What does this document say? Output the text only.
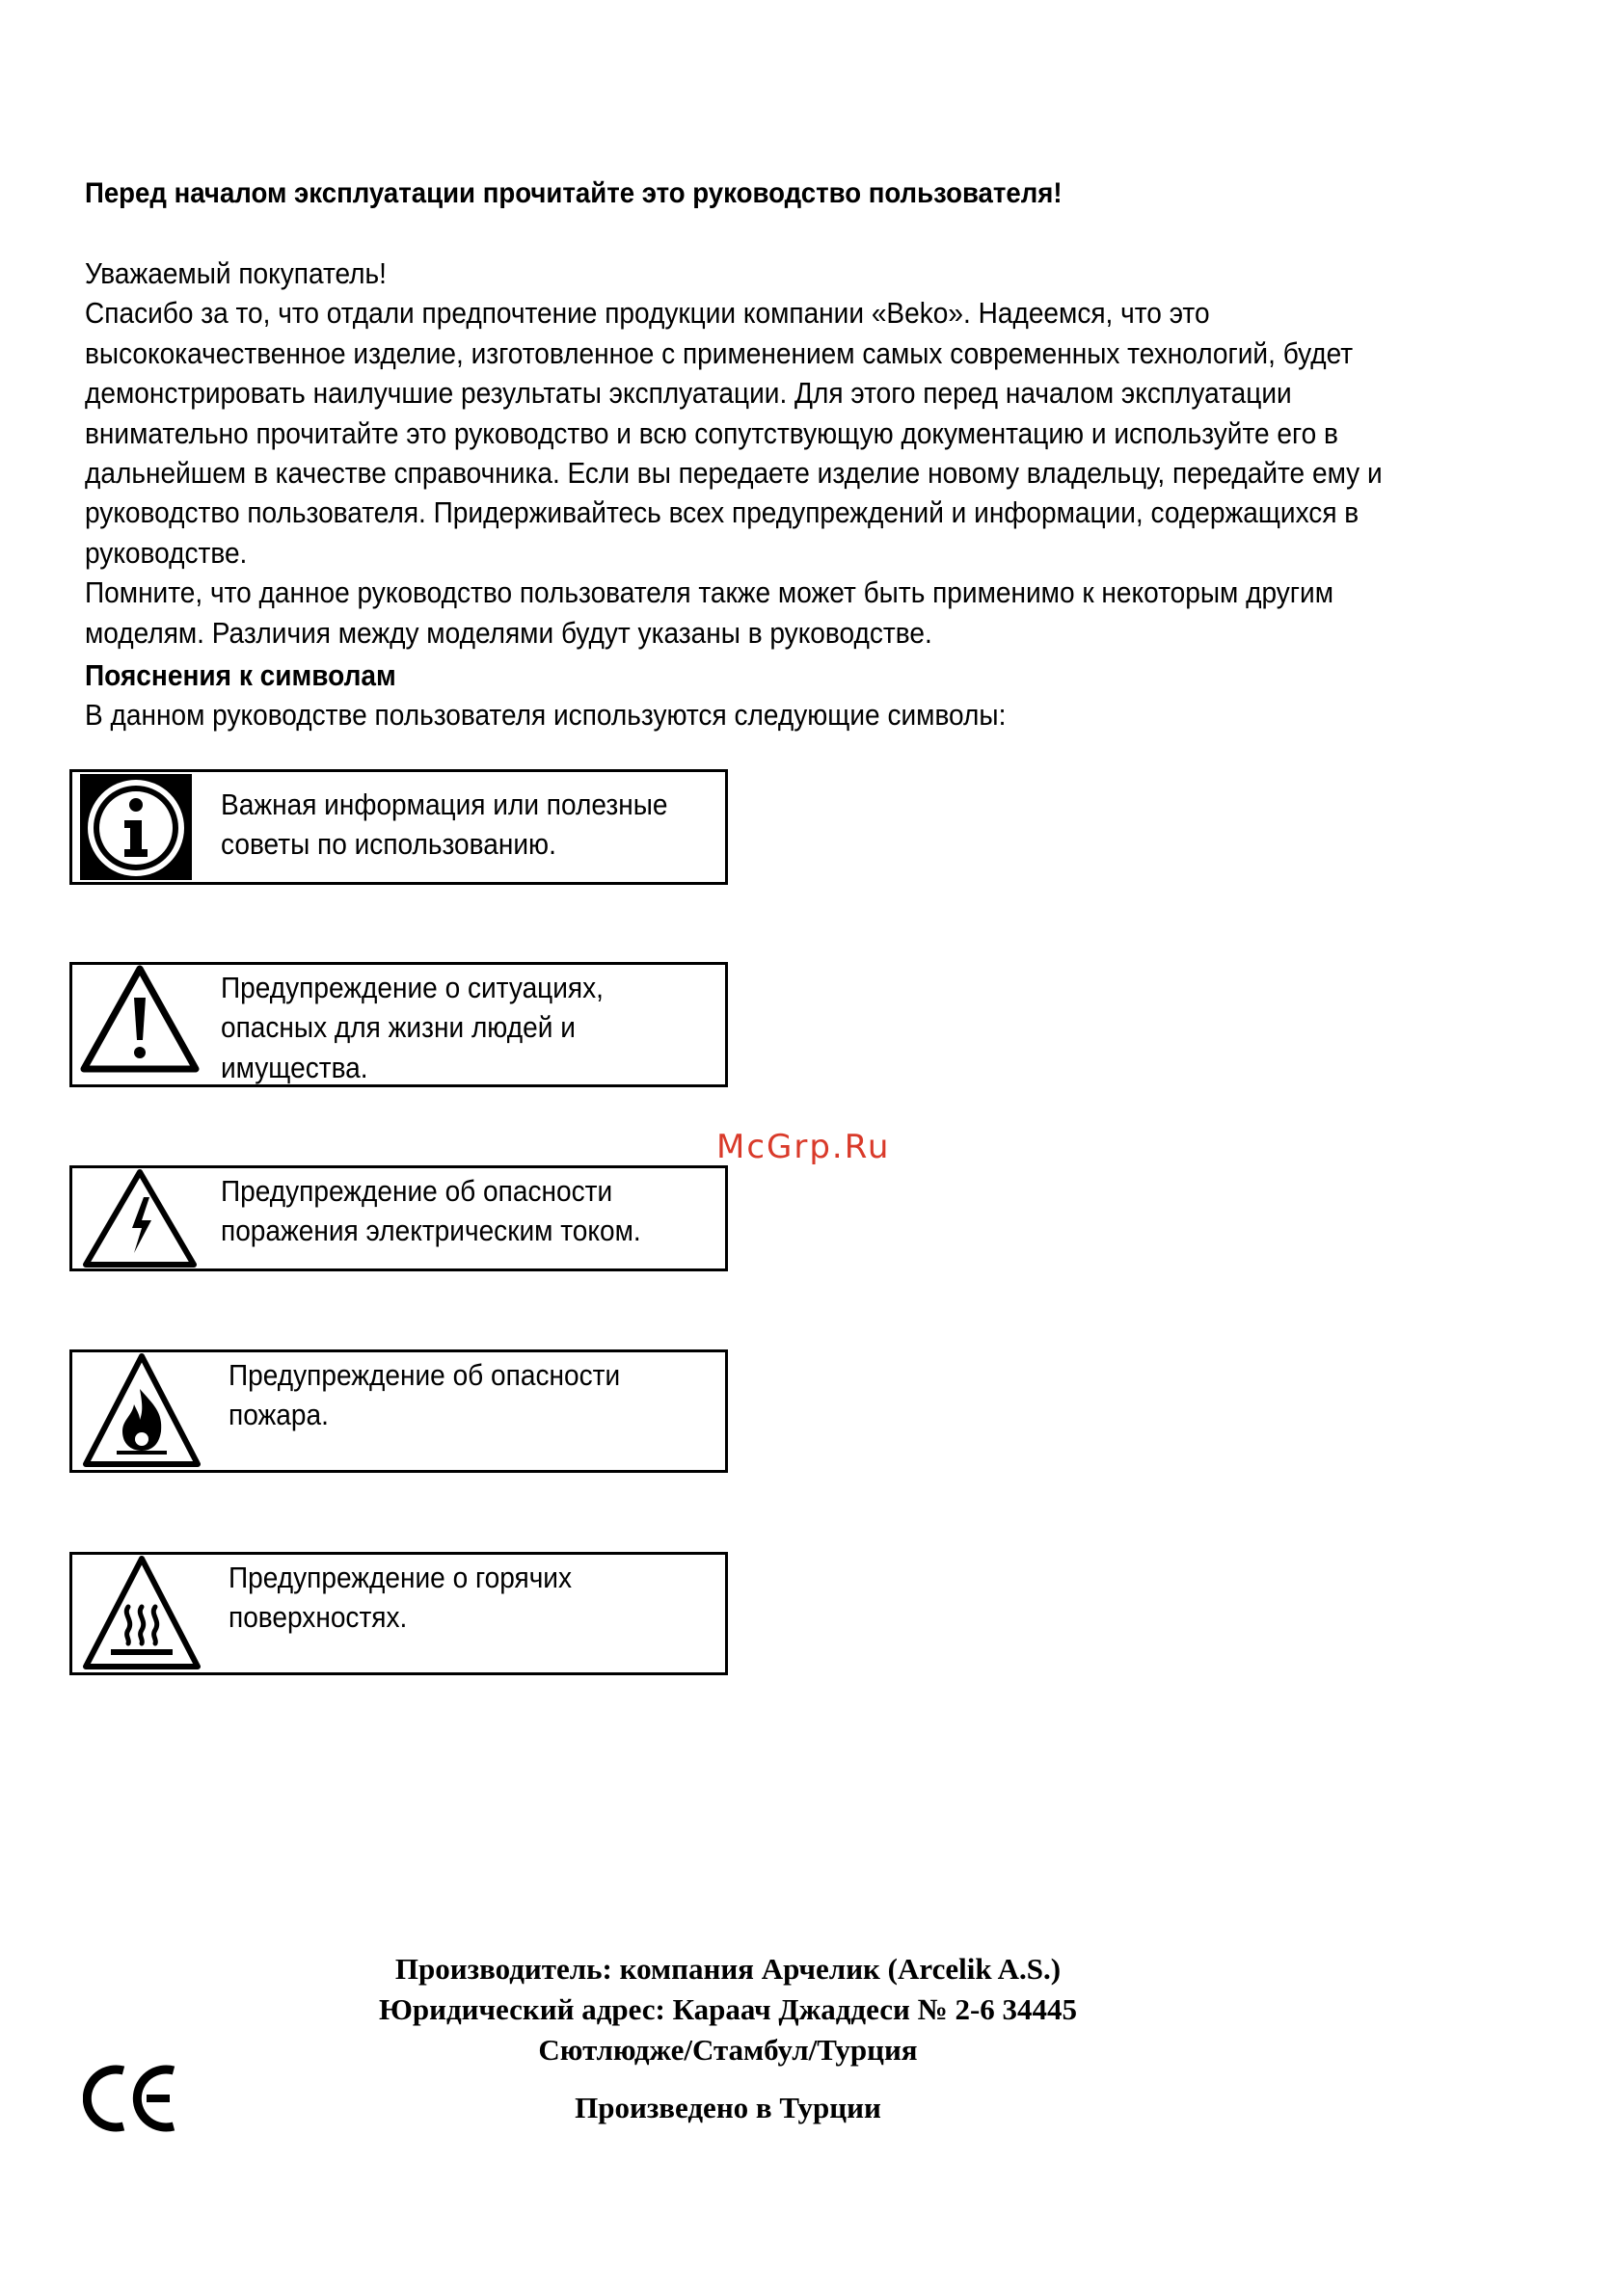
Перед началом эксплуатации прочитайте это руководство пользователя!

Уважаемый покупатель!

Спасибо за то, что отдали предпочтение продукции компании «Beko». Надеемся, что это

высококачественное изделие, изготовленное с применением самых современных технологий, будет

демонстрировать наилучшие результаты эксплуатации. Для этого перед началом эксплуатации

внимательно прочитайте это руководство и всю сопутствующую документацию и используйте его в

дальнейшем в качестве справочника. Если вы передаете изделие новому владельцу, передайте ему и

руководство пользователя. Придерживайтесь всех предупреждений и информации, содержащихся в

руководстве.

Помните, что данное руководство пользователя также может быть применимо к некоторым другим

моделям. Различия между моделями будут указаны в руководстве.

Пояснения к символам

В данном руководстве пользователя используются следующие символы:

Важная информация или полезные
советы по использованию.
Предупреждение о ситуациях,
опасных для жизни людей и
имущества.
Предупреждение об опасности
поражения электрическим током.
Предупреждение об опасности
пожара.
Предупреждение о горячих
поверхностях.
McGrp.Ru
Производитель: компания Арчелик (Arcelik A.S.)
Юридический адрес: Караач Джаддеси № 2-6 34445
Сютлюдже/Стамбул/Турция
Произведено в Турции
